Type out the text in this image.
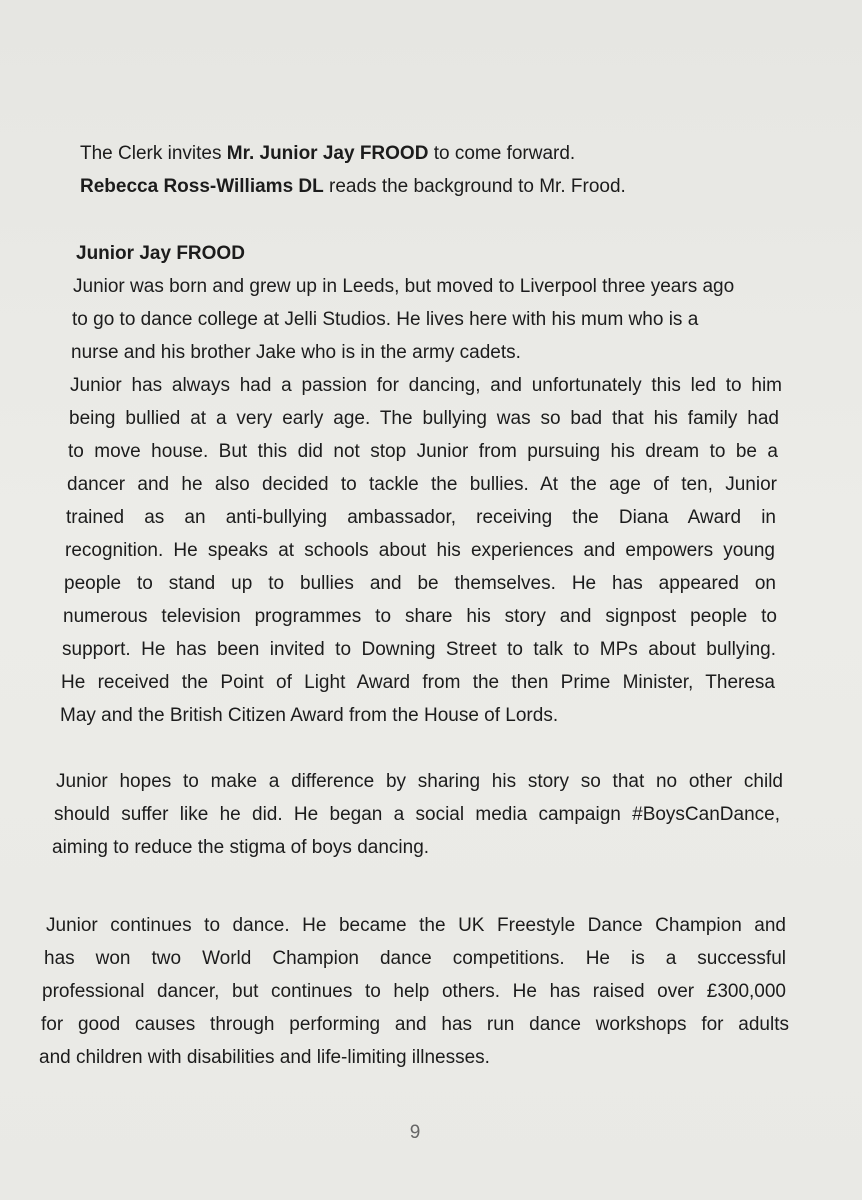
The Clerk invites Mr. Junior Jay FROOD to come forward.
Rebecca Ross-Williams DL reads the background to Mr. Frood.
Junior Jay FROOD
Junior was born and grew up in Leeds, but moved to Liverpool three years ago
to go to dance college at Jelli Studios. He lives here with his mum who is a
nurse and his brother Jake who is in the army cadets.
Junior has always had a passion for dancing, and unfortunately this led to him
being bullied at a very early age. The bullying was so bad that his family had
to move house. But this did not stop Junior from pursuing his dream to be a
dancer and he also decided to tackle the bullies. At the age of ten, Junior
trained as an anti-bullying ambassador, receiving the Diana Award in
recognition. He speaks at schools about his experiences and empowers young
people to stand up to bullies and be themselves. He has appeared on
numerous television programmes to share his story and signpost people to
support. He has been invited to Downing Street to talk to MPs about bullying.
He received the Point of Light Award from the then Prime Minister, Theresa
May and the British Citizen Award from the House of Lords.
Junior hopes to make a difference by sharing his story so that no other child
should suffer like he did. He began a social media campaign #BoysCanDance,
aiming to reduce the stigma of boys dancing.
Junior continues to dance. He became the UK Freestyle Dance Champion and
has won two World Champion dance competitions. He is a successful
professional dancer, but continues to help others. He has raised over £300,000
for good causes through performing and has run dance workshops for adults
and children with disabilities and life-limiting illnesses.
9
